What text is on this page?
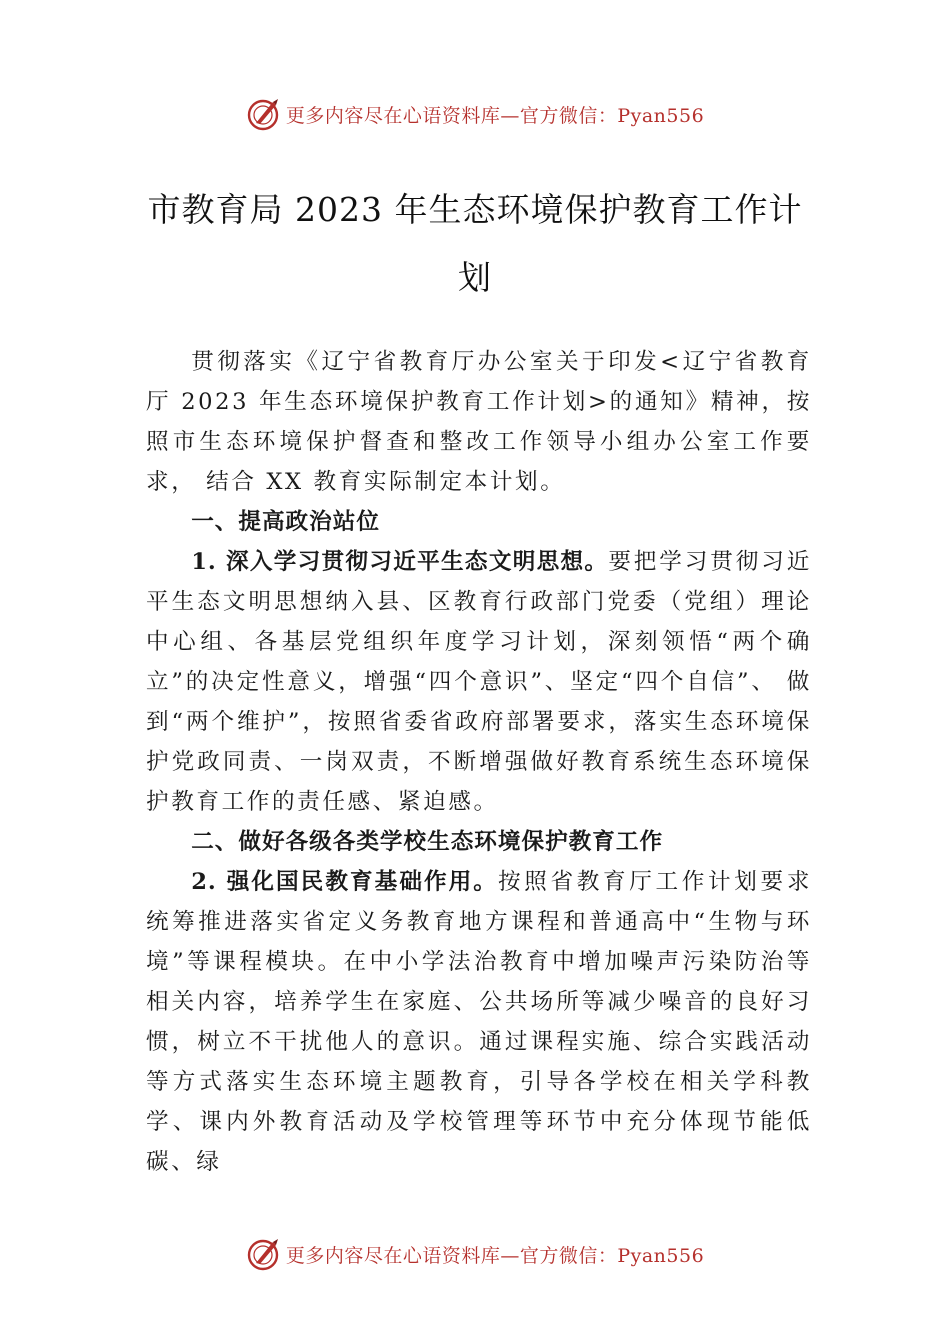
更多内容尽在心语资料库—官方微信：Pyan556
市教育局 2023 年生态环境保护教育工作计划

贯彻落实《辽宁省教育厅办公室关于印发<辽宁省教育厅 2023 年生态环境保护教育工作计划>的通知》精神，按照市生态环境保护督查和整改工作领导小组办公室工作要求， 结合 XX 教育实际制定本计划。

一、提高政治站位

1. 深入学习贯彻习近平生态文明思想。要把学习贯彻习近平生态文明思想纳入县、区教育行政部门党委（党组）理论中心组、各基层党组织年度学习计划，深刻领悟“两个确立”的决定性意义，增强“四个意识”、坚定“四个自信”、 做到“两个维护”，按照省委省政府部署要求，落实生态环境保护党政同责、一岗双责，不断增强做好教育系统生态环境保护教育工作的责任感、紧迫感。

二、做好各级各类学校生态环境保护教育工作

2. 强化国民教育基础作用。按照省教育厅工作计划要求统筹推进落实省定义务教育地方课程和普通高中“生物与环境”等课程模块。在中小学法治教育中增加噪声污染防治等相关内容，培养学生在家庭、公共场所等减少噪音的良好习惯，树立不干扰他人的意识。通过课程实施、综合实践活动等方式落实生态环境主题教育，引导各学校在相关学科教学、课内外教育活动及学校管理等环节中充分体现节能低碳、绿

更多内容尽在心语资料库—官方微信：Pyan556
